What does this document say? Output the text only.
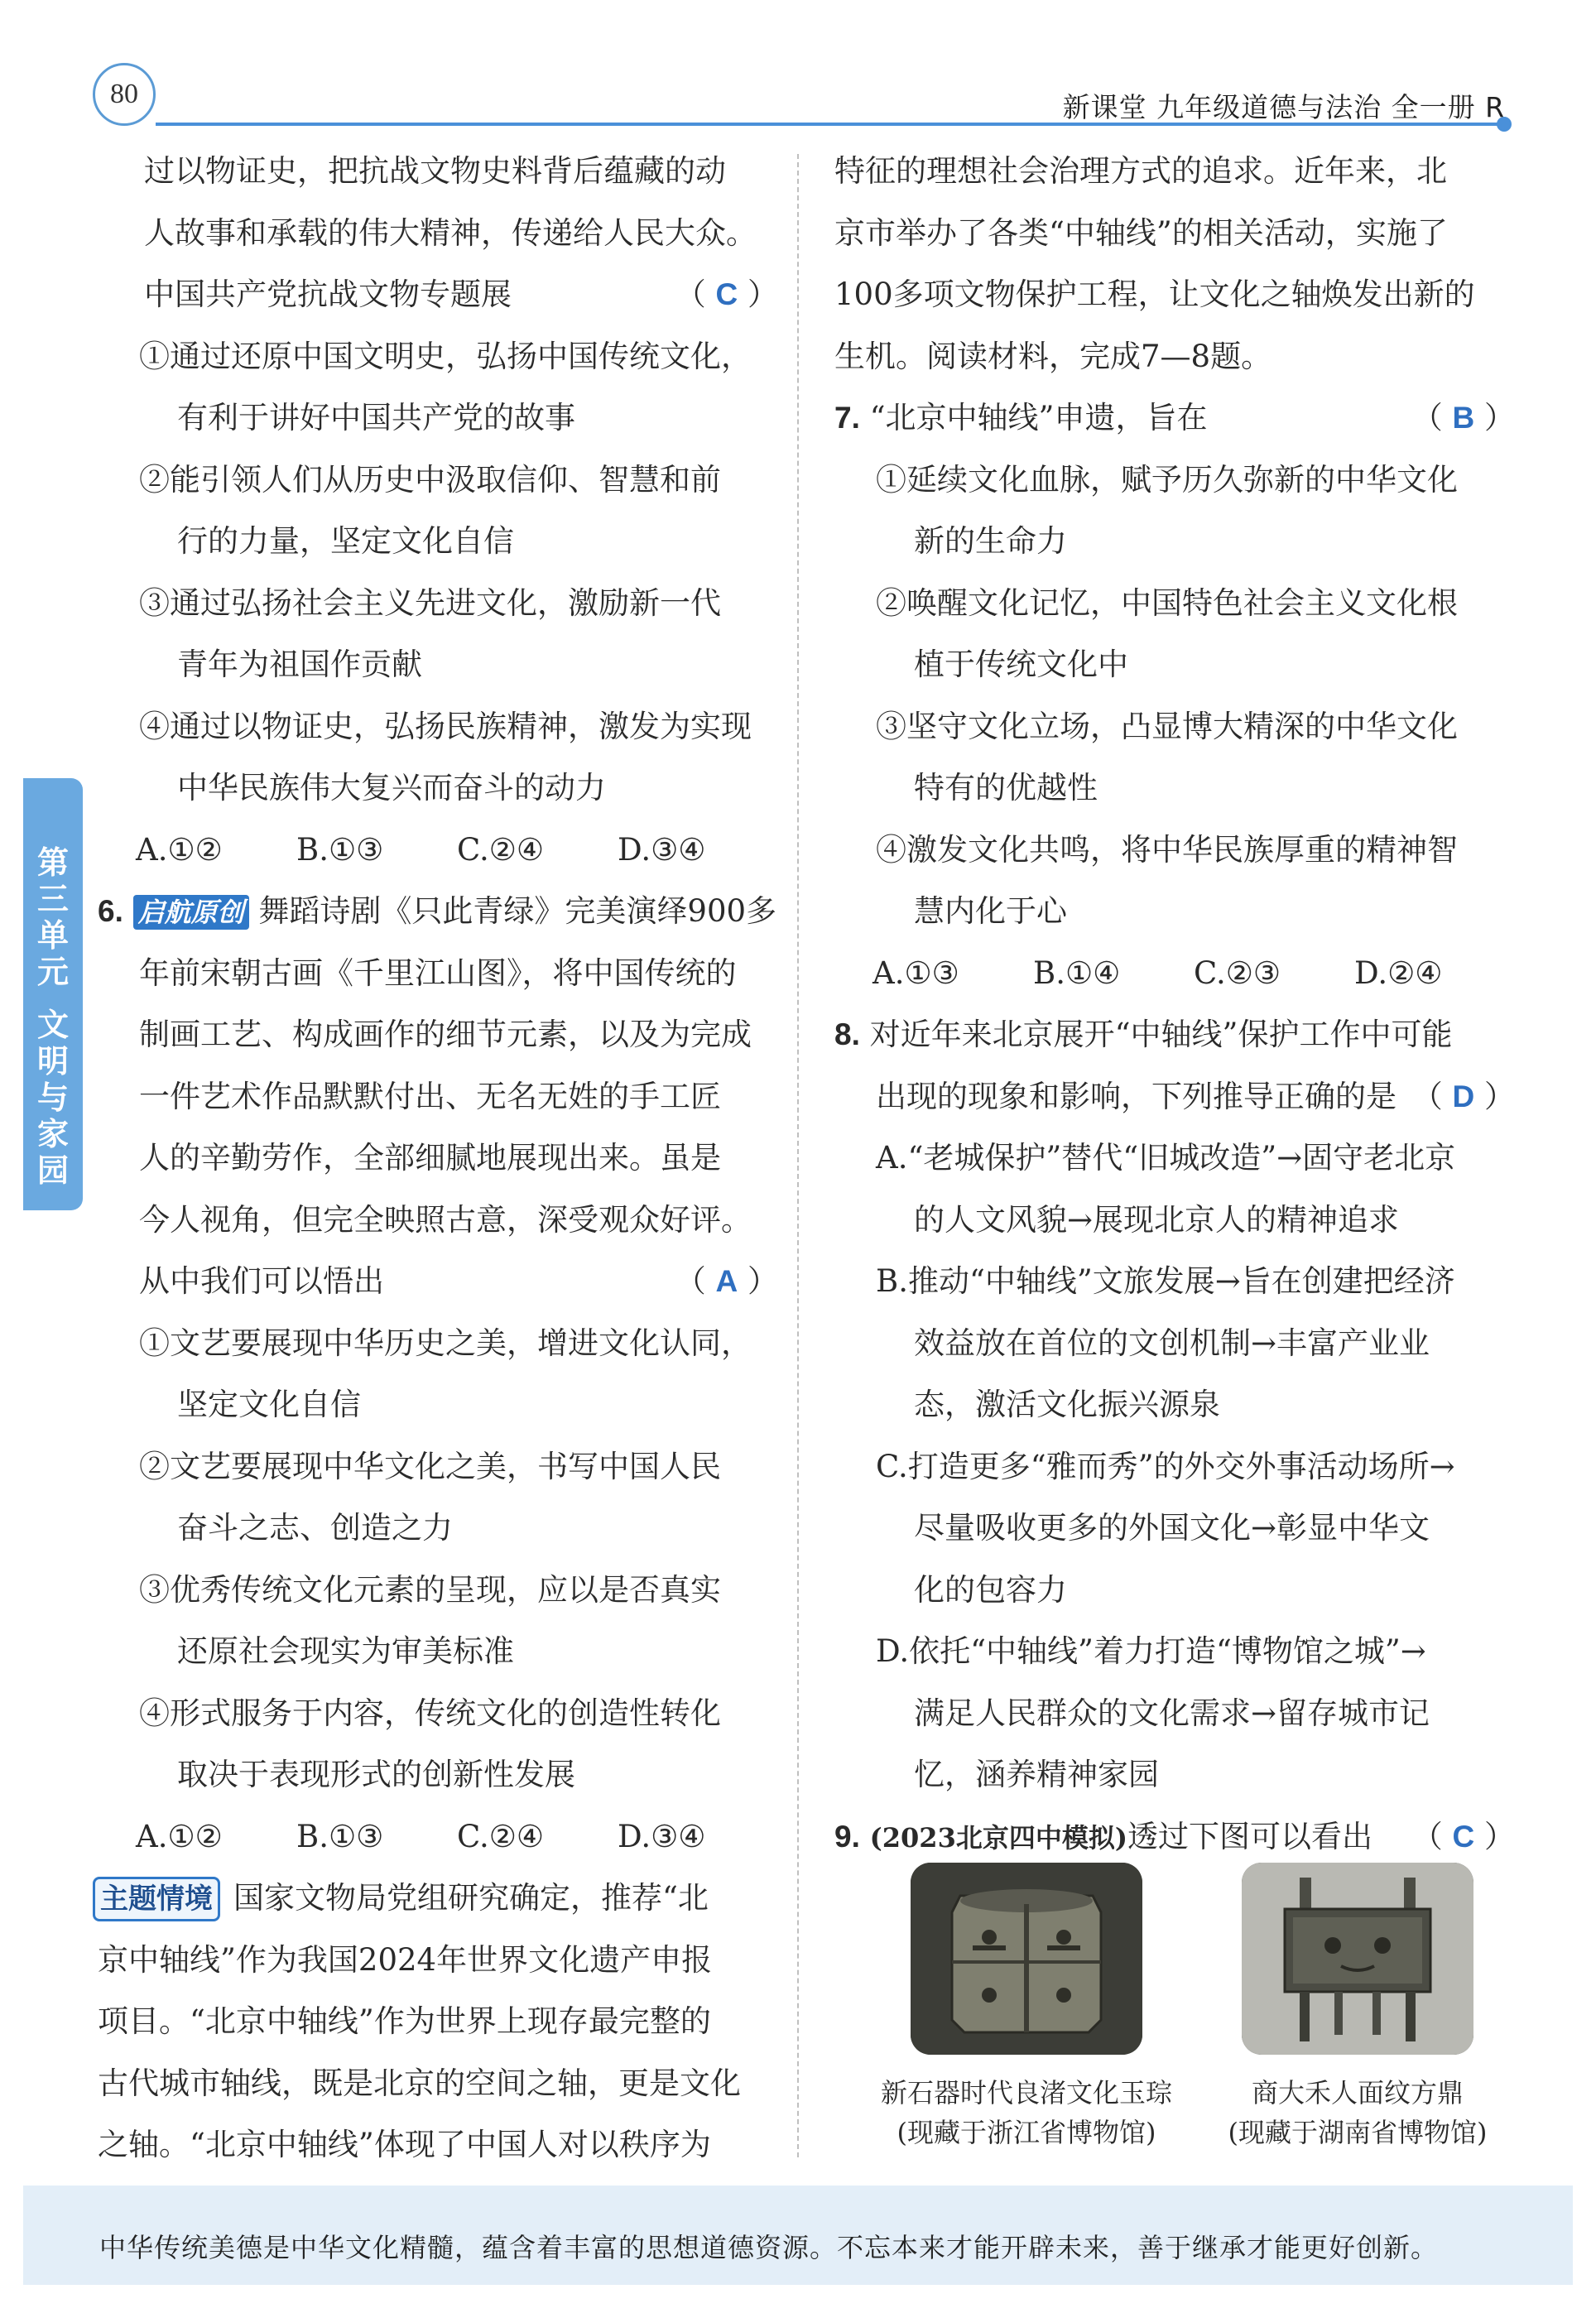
80	新课堂 九年级道德与法治 全一册 R
第
三
单
元
文
明
与
家
园
过以物证史，把抗战文物史料背后蕴藏的动
人故事和承载的伟大精神，传递给人民大众。
中国共产党抗战文物专题展	（ C ）
①通过还原中国文明史，弘扬中国传统文化，
有利于讲好中国共产党的故事
②能引领人们从历史中汲取信仰、智慧和前
行的力量，坚定文化自信
③通过弘扬社会主义先进文化，激励新一代
青年为祖国作贡献
④通过以物证史，弘扬民族精神，激发为实现
中华民族伟大复兴而奋斗的动力
A.①②	B.①③	C.②④	D.③④
6. 启航原创 舞蹈诗剧《只此青绿》完美演绎900多
年前宋朝古画《千里江山图》，将中国传统的
制画工艺、构成画作的细节元素，以及为完成
一件艺术作品默默付出、无名无姓的手工匠
人的辛勤劳作，全部细腻地展现出来。虽是
今人视角，但完全映照古意，深受观众好评。
从中我们可以悟出	（ A ）
①文艺要展现中华历史之美，增进文化认同，
坚定文化自信
②文艺要展现中华文化之美，书写中国人民
奋斗之志、创造之力
③优秀传统文化元素的呈现，应以是否真实
还原社会现实为审美标准
④形式服务于内容，传统文化的创造性转化
取决于表现形式的创新性发展
A.①②	B.①③	C.②④	D.③④
主题情境 国家文物局党组研究确定，推荐“北
京中轴线”作为我国2024年世界文化遗产申报
项目。“北京中轴线”作为世界上现存最完整的
古代城市轴线，既是北京的空间之轴，更是文化
之轴。“北京中轴线”体现了中国人对以秩序为
特征的理想社会治理方式的追求。近年来，北
京市举办了各类“中轴线”的相关活动，实施了
100多项文物保护工程，让文化之轴焕发出新的
生机。阅读材料，完成7—8题。
7. “北京中轴线”申遗，旨在	（ B ）
①延续文化血脉，赋予历久弥新的中华文化
新的生命力
②唤醒文化记忆，中国特色社会主义文化根
植于传统文化中
③坚守文化立场，凸显博大精深的中华文化
特有的优越性
④激发文化共鸣，将中华民族厚重的精神智
慧内化于心
A.①③	B.①④	C.②③	D.②④
8. 对近年来北京展开“中轴线”保护工作中可能
出现的现象和影响，下列推导正确的是 （ D ）
A.“老城保护”替代“旧城改造”→固守老北京
的人文风貌→展现北京人的精神追求
B.推动“中轴线”文旅发展→旨在创建把经济
效益放在首位的文创机制→丰富产业业
态，激活文化振兴源泉
C.打造更多“雅而秀”的外交外事活动场所→
尽量吸收更多的外国文化→彰显中华文
化的包容力
D.依托“中轴线”着力打造“博物馆之城”→
满足人民群众的文化需求→留存城市记
忆，涵养精神家园
9. (2023北京四中模拟)透过下图可以看出 （ C ）
新石器时代良渚文化玉琮
(现藏于浙江省博物馆)
商大禾人面纹方鼎
(现藏于湖南省博物馆)
中华传统美德是中华文化精髓，蕴含着丰富的思想道德资源。不忘本来才能开辟未来，善于继承才能更好创新。
